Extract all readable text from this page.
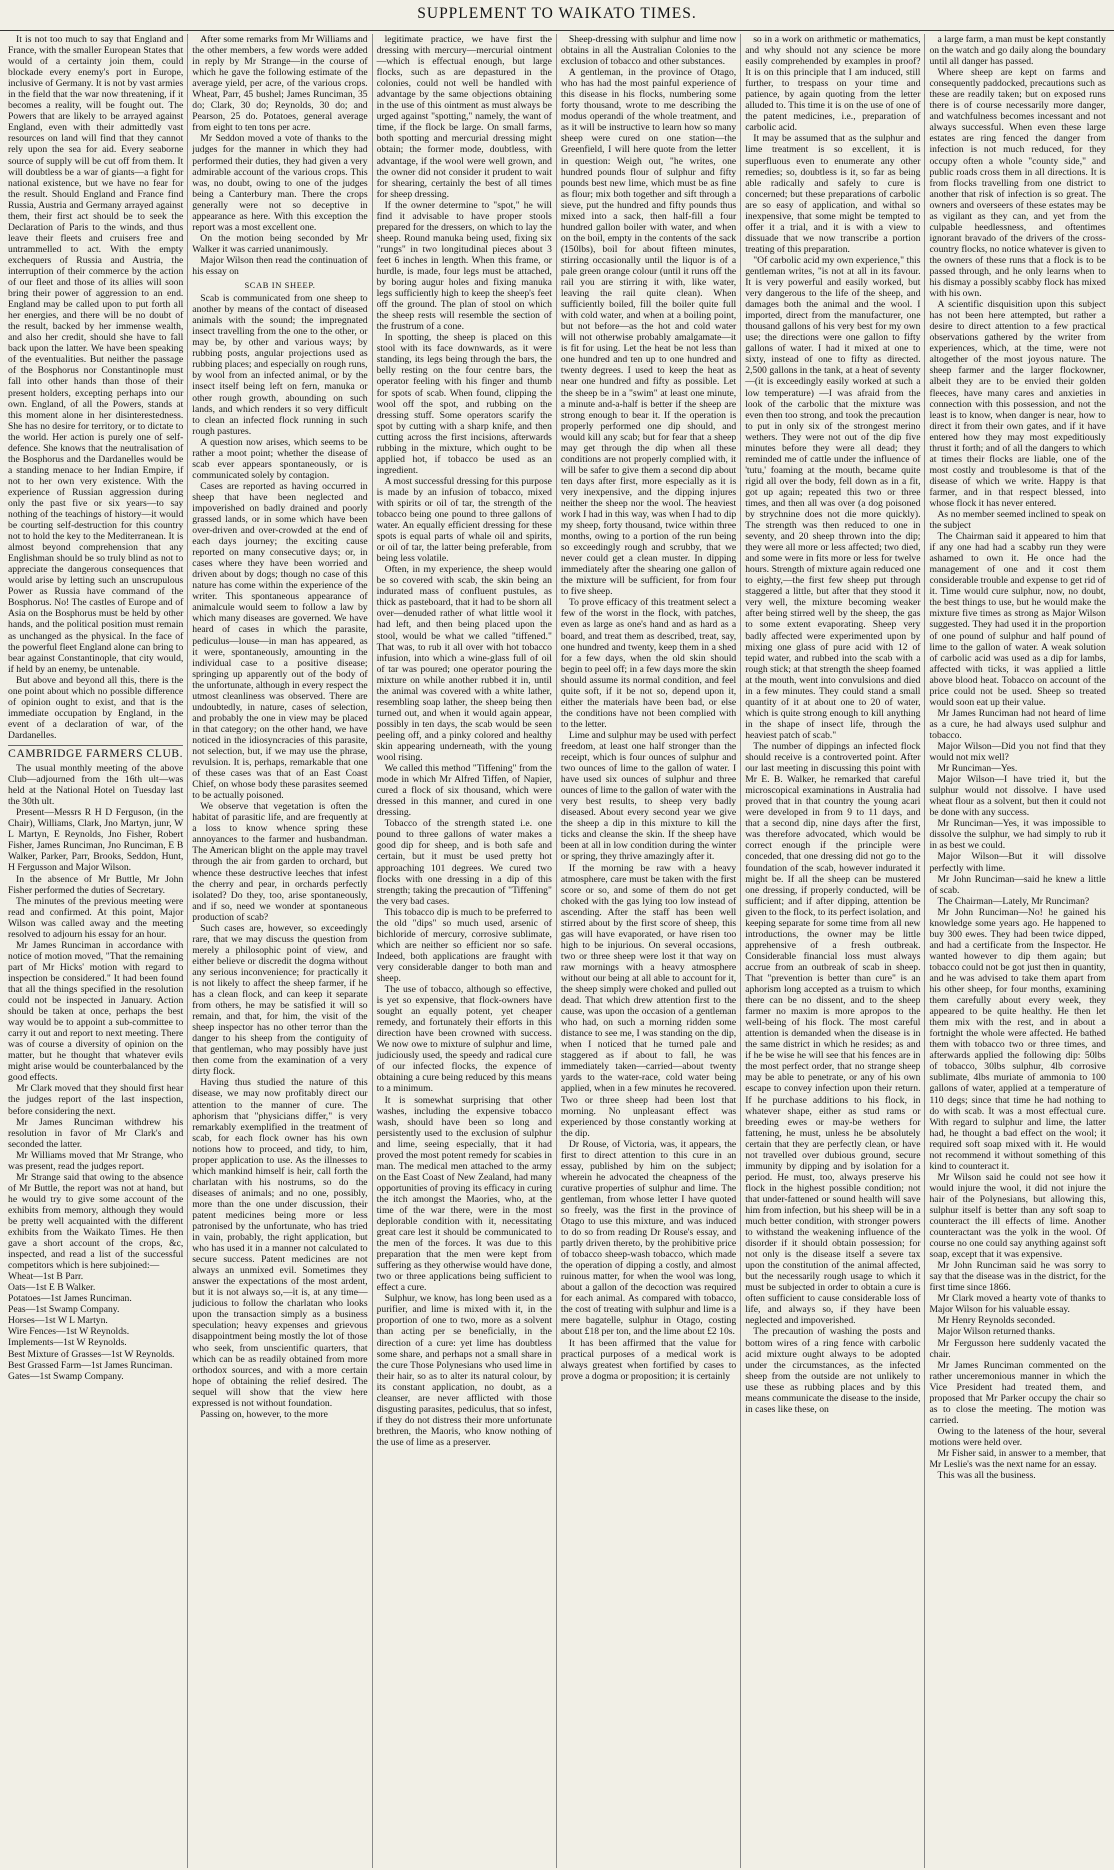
SUPPLEMENT TO WAIKATO TIMES.

It is not too much to say that England and France, with the smaller European States that would of a certainty join them, could blockade every enemy's port in Europe, inclusive of Germany. It is not by vast armies in the field that the war now threatening, if it becomes a reality, will be fought out. The Powers that are likely to be arrayed against England, even with their admittedly vast resources on land will find that they cannot rely upon the sea for aid. Every seaborne source of supply will be cut off from them. It will doubtless be a war of giants—a fight for national existence, but we have no fear for the result. Should England and France find Russia, Austria and Germany arrayed against them, their first act should be to seek the Declaration of Paris to the winds, and thus leave their fleets and cruisers free and untrammelled to act. With the empty exchequers of Russia and Austria, the interruption of their commerce by the action of our fleet and those of its allies will soon bring their power of aggression to an end. England may be called upon to put forth all her energies, and there will be no doubt of the result, backed by her immense wealth, and also her credit, should she have to fall back upon the latter. We have been speaking of the eventualities. But neither the passage of the Bosphorus nor Constantinople must fall into other hands than those of their present holders, excepting perhaps into our own. England, of all the Powers, stands at this moment alone in her disinterestedness. She has no desire for territory, or to dictate to the world. Her action is purely one of self-defence. She knows that the neutralisation of the Bosphorus and the Dardanelles would be a standing menace to her Indian Empire, if not to her own very existence. With the experience of Russian aggression during only the past five or six years—to say nothing of the teachings of history—it would be courting self-destruction for this country not to hold the key to the Mediterranean. It is almost beyond comprehension that any Englishman should be so truly blind as not to appreciate the dangerous consequences that would arise by letting such an unscrupulous Power as Russia have command of the Bosphorus. No! The castles of Europe and of Asia on the Bosphorus must be held by other hands, and the political position must remain as unchanged as the physical. In the face of the powerful fleet England alone can bring to bear against Constantinople, that city would, if held by an enemy, be untenable.

But above and beyond all this, there is the one point about which no possible difference of opinion ought to exist, and that is the immediate occupation by England, in the event of a declaration of war, of the Dardanelles.

CAMBRIDGE FARMERS CLUB.

The usual monthly meeting of the above Club—adjourned from the 16th ult—was held at the National Hotel on Tuesday last the 30th ult.

Present—Messrs R H D Ferguson, (in the Chair), Williams, Clark, Jno Martyn, junr, W L Martyn, E Reynolds, Jno Fisher, Robert Fisher, James Runciman, Jno Runciman, E B Walker, Parker, Parr, Brooks, Seddon, Hunt, H Fergusson and Major Wilson.

In the absence of Mr Buttle, Mr John Fisher performed the duties of Secretary.

The minutes of the previous meeting were read and confirmed. At this point, Major Wilson was called away and the meeting resolved to adjourn his essay for an hour.

Mr James Runciman in accordance with notice of motion moved, "That the remaining part of Mr Hicks' motion with regard to inspection be considered." It had been found that all the things specified in the resolution could not be inspected in January. Action should be taken at once, perhaps the best way would be to appoint a sub-committee to carry it out and report to next meeting. There was of course a diversity of opinion on the matter, but he thought that whatever evils might arise would be counterbalanced by the good effects.

Mr Clark moved that they should first hear the judges report of the last inspection, before considering the next.

Mr James Runciman withdrew his resolution in favor of Mr Clark's and seconded the latter.

Mr Williams moved that Mr Strange, who was present, read the judges report.

Mr Strange said that owing to the absence of Mr Buttle, the report was not at hand, but he would try to give some account of the exhibits from memory, although they would be pretty well acquainted with the different exhibits from the Waikato Times. He then gave a short account of the crops, &c, inspected, and read a list of the successful competitors which is here subjoined:—

Wheat—1st B Parr.

Oats—1st E B Walker.

Potatoes—1st James Runciman.

Peas—1st Swamp Company.

Horses—1st W L Martyn.

Wire Fences—1st W Reynolds.

Implements—1st W Reynolds.

Best Mixture of Grasses—1st W Reynolds.

Best Grassed Farm—1st James Runciman.

Gates—1st Swamp Company.

After some remarks from Mr Williams and the other members, a few words were added in reply by Mr Strange—in the course of which he gave the following estimate of the average yield, per acre, of the various crops. Wheat, Parr, 45 bushel; James Runciman, 35 do; Clark, 30 do; Reynolds, 30 do; and Pearson, 25 do. Potatoes, general average from eight to ten tons per acre.

Mr Seddon moved a vote of thanks to the judges for the manner in which they had performed their duties, they had given a very admirable account of the various crops. This was, no doubt, owing to one of the judges being a Canterbury man. There the crops generally were not so deceptive in appearance as here. With this exception the report was a most excellent one.

On the motion being seconded by Mr Walker it was carried unanimously.

Major Wilson then read the continuation of his essay on

SCAB IN SHEEP.

Scab is communicated from one sheep to another by means of the contact of diseased animals with the sound; the impregnated insect travelling from the one to the other, or may be, by other and various ways; by rubbing posts, angular projections used as rubbing places; and especially on rough runs, by wool from an infected animal, or by the insect itself being left on fern, manuka or other rough growth, abounding on such lands, and which renders it so very difficult to clean an infected flock running in such rough pastures.

A question now arises, which seems to be rather a moot point; whether the disease of scab ever appears spontaneously, or is communicated solely by contagion.

Cases are reported as having occurred in sheep that have been neglected and impoverished on badly drained and poorly grassed lands, or in some which have been over-driven and over-crowded at the end of each days journey; the exciting cause reported on many consecutive days; or, in cases where they have been worried and driven about by dogs; though no case of this nature has come within the experience of the writer. This spontaneous appearance of animalcule would seem to follow a law by which many diseases are governed. We have heard of cases in which the parasite, pediculus—louse—in man has appeared, as it were, spontaneously, amounting in the individual case to a positive disease; springing up apparently out of the body of the unfortunate, although in every respect the utmost cleanliness was observed. There are undoubtedly, in nature, cases of selection, and probably the one in view may be placed in that category; on the other hand, we have noticed in the idiosyncracies of this parasite, not selection, but, if we may use the phrase, revulsion. It is, perhaps, remarkable that one of these cases was that of an East Coast Chief, on whose body these parasites seemed to be actually poisoned.

We observe that vegetation is often the habitat of parasitic life, and are frequently at a loss to know whence spring these annoyances to the farmer and husbandman. The American blight on the apple may travel through the air from garden to orchard, but whence these destructive leeches that infest the cherry and pear, in orchards perfectly isolated? Do they, too, arise spontaneously, and if so, need we wonder at spontaneous production of scab?

Such cases are, however, so exceedingly rare, that we may discuss the question from merely a philosophic point of view, and either believe or discredit the dogma without any serious inconvenience; for practically it is not likely to affect the sheep farmer, if he has a clean flock, and can keep it separate from others, he may be satisfied it will so remain, and that, for him, the visit of the sheep inspector has no other terror than the danger to his sheep from the contiguity of that gentleman, who may possibly have just then come from the examination of a very dirty flock.

Having thus studied the nature of this disease, we may now profitably direct our attention to the manner of cure. The aphorism that "physicians differ," is very remarkably exemplified in the treatment of scab, for each flock owner has his own notions how to proceed, and tidy, to him, proper application to use. As the illnesses to which mankind himself is heir, call forth the charlatan with his nostrums, so do the diseases of animals; and no one, possibly, more than the one under discussion, their patent medicines being more or less patronised by the unfortunate, who has tried in vain, probably, the right application, but who has used it in a manner not calculated to secure success. Patent medicines are not always an unmixed evil. Sometimes they answer the expectations of the most ardent, but it is not always so,—it is, at any time—judicious to follow the charlatan who looks upon the transaction simply as a business speculation; heavy expenses and grievous disappointment being mostly the lot of those who seek, from unscientific quarters, that which can be as readily obtained from more orthodox sources, and with a more certain hope of obtaining the relief desired. The sequel will show that the view here expressed is not without foundation.

Passing on, however, to the more

legitimate practice, we have first the dressing with mercury—mercurial ointment—which is effectual enough, but large flocks, such as are depastured in the colonies, could not well be handled with advantage by the same objections obtaining in the use of this ointment as must always be urged against "spotting," namely, the want of time, if the flock be large. On small farms, both spotting and mercurial dressing might obtain; the former mode, doubtless, with advantage, if the wool were well grown, and the owner did not consider it prudent to wait for shearing, certainly the best of all times for sheep dressing.

If the owner determine to "spot," he will find it advisable to have proper stools prepared for the dressers, on which to lay the sheep. Round manuka being used, fixing six "rungs" in two longitudinal pieces about 3 feet 6 inches in length. When this frame, or hurdle, is made, four legs must be attached, by boring augur holes and fixing manuka legs sufficiently high to keep the sheep's feet off the ground. The plan of stool on which the sheep rests will resemble the section of the frustrum of a cone.

In spotting, the sheep is placed on this stool with its face downwards, as it were standing, its legs being through the bars, the belly resting on the four centre bars, the operator feeling with his finger and thumb for spots of scab. When found, clipping the wool off the spot, and rubbing on the dressing stuff. Some operators scarify the spot by cutting with a sharp knife, and then cutting across the first incisions, afterwards rubbing in the mixture, which ought to be applied hot, if tobacco be used as an ingredient.

A most successful dressing for this purpose is made by an infusion of tobacco, mixed with spirits or oil of tar, the strength of the tobacco being one pound to three gallons of water. An equally efficient dressing for these spots is equal parts of whale oil and spirits, or oil of tar, the latter being preferable, from being less volatile.

Often, in my experience, the sheep would be so covered with scab, the skin being an indurated mass of confluent pustules, as thick as pasteboard, that it had to be shorn all over—denuded rather of what little wool it had left, and then being placed upon the stool, would be what we called "tiffened." That was, to rub it all over with hot tobacco infusion, into which a wine-glass full of oil of tar was poured; one operator pouring the mixture on while another rubbed it in, until the animal was covered with a white lather, resembling soap lather, the sheep being then turned out, and when it would again appear, possibly in ten days, the scab would be seen peeling off, and a pinky colored and healthy skin appearing underneath, with the young wool rising.

We called this method "Tiffening" from the mode in which Mr Alfred Tiffen, of Napier, cured a flock of six thousand, which were dressed in this manner, and cured in one dressing.

Tobacco of the strength stated i.e. one pound to three gallons of water makes a good dip for sheep, and is both safe and certain, but it must be used pretty hot approaching 101 degrees. We cured two flocks with one dressing in a dip of this strength; taking the precaution of "Tiffening" the very bad cases.

This tobacco dip is much to be preferred to the old "dips" so much used, arsenic of bichloride of mercury, corrosive sublimate, which are neither so efficient nor so safe. Indeed, both applications are fraught with very considerable danger to both man and sheep.

The use of tobacco, although so effective, is yet so expensive, that flock-owners have sought an equally potent, yet cheaper remedy, and fortunately their efforts in this direction have been crowned with success. We now owe to mixture of sulphur and lime, judiciously used, the speedy and radical cure of our infected flocks, the expence of obtaining a cure being reduced by this means to a minimum.

It is somewhat surprising that other washes, including the expensive tobacco wash, should have been so long and persistently used to the exclusion of sulphur and lime, seeing especially, that it had proved the most potent remedy for scabies in man. The medical men attached to the army on the East Coast of New Zealand, had many opportunities of proving its efficacy in curing the itch amongst the Maories, who, at the time of the war there, were in the most deplorable condition with it, necessitating great care lest it should be communicated to the men of the forces. It was due to this preparation that the men were kept from suffering as they otherwise would have done, two or three applications being sufficient to effect a cure.

Sulphur, we know, has long been used as a purifier, and lime is mixed with it, in the proportion of one to two, more as a solvent than acting per se beneficially, in the direction of a cure: yet lime has doubtless some share, and perhaps not a small share in the cure Those Polynesians who used lime in their hair, so as to alter its natural colour, by its constant application, no doubt, as a cleanser, are never afflicted with those disgusting parasites, pediculus, that so infest, if they do not distress their more unfortunate brethren, the Maoris, who know nothing of the use of lime as a preserver.

Sheep-dressing with sulphur and lime now obtains in all the Australian Colonies to the exclusion of tobacco and other substances.

A gentleman, in the province of Otago, who has had the most painful experience of this disease in his flocks, numbering some forty thousand, wrote to me describing the modus operandi of the whole treatment, and as it will be instructive to learn how so many sheep were cured on one station—the Greenfield, I will here quote from the letter in question: Weigh out, "he writes, one hundred pounds flour of sulphur and fifty pounds best new lime, which must be as fine as flour; mix both together and sift through a sieve, put the hundred and fifty pounds thus mixed into a sack, then half-fill a four hundred gallon boiler with water, and when on the boil, empty in the contents of the sack (150lbs), boil for about fifteen minutes, stirring occasionally until the liquor is of a pale green orange colour (until it runs off the rail you are stirring it with, like water, leaving the rail quite clean). When sufficiently boiled, fill the boiler quite full with cold water, and when at a boiling point, but not before—as the hot and cold water will not otherwise probably amalgamate—it is fit for using. Let the heat be not less than one hundred and ten up to one hundred and twenty degrees. I used to keep the heat as near one hundred and fifty as possible. Let the sheep be in a "swim" at least one minute, a minute and-a-half is better if the sheep are strong enough to bear it. If the operation is properly performed one dip should, and would kill any scab; but for fear that a sheep may get through the dip when all these conditions are not properly complied with, it will be safer to give them a second dip about ten days after first, more especially as it is very inexpensive, and the dipping injures neither the sheep nor the wool. The heaviest work I had in this way, was when I had to dip my sheep, forty thousand, twice within three months, owing to a portion of the run being so exceedingly rough and scrubby, that we never could get a clean muster. In dipping immediately after the shearing one gallon of the mixture will be sufficient, for from four to five sheep.

To prove efficacy of this treatment select a few of the worst in the flock, with patches, even as large as one's hand and as hard as a board, and treat them as described, treat, say, one hundred and twenty, keep them in a shed for a few days, when the old skin should begin to peel off; in a few days more the skin should assume its normal condition, and feel quite soft, if it be not so, depend upon it, either the materials have been bad, or else the conditions have not been complied with to the letter.

Lime and sulphur may be used with perfect freedom, at least one half stronger than the receipt, which is four ounces of sulphur and two ounces of lime to the gallon of water. I have used six ounces of sulphur and three ounces of lime to the gallon of water with the very best results, to sheep very badly diseased. About every second year we give the sheep a dip in this mixture to kill the ticks and cleanse the skin. If the sheep have been at all in low condition during the winter or spring, they thrive amazingly after it.

If the morning be raw with a heavy atmosphere, care must be taken with the first score or so, and some of them do not get choked with the gas lying too low instead of ascending. After the staff has been well stirred about by the first score of sheep, this gas will have evaporated, or have risen too high to be injurious. On several occasions, two or three sheep were lost it that way on raw mornings with a heavy atmosphere without our being at all able to account for it, the sheep simply were choked and pulled out dead. That which drew attention first to the cause, was upon the occasion of a gentleman who had, on such a morning ridden some distance to see me, I was standing on the dip, when I noticed that he turned pale and staggered as if about to fall, he was immediately taken—carried—about twenty yards to the water-race, cold water being applied, when in a few minutes he recovered. Two or three sheep had been lost that morning. No unpleasant effect was experienced by those constantly working at the dip.

Dr Rouse, of Victoria, was, it appears, the first to direct attention to this cure in an essay, published by him on the subject; wherein he advocated the cheapness of the curative properties of sulphur and lime. The gentleman, from whose letter I have quoted so freely, was the first in the province of Otago to use this mixture, and was induced to do so from reading Dr Rouse's essay, and partly driven thereto, by the prohibitive price of tobacco sheep-wash tobacco, which made the operation of dipping a costly, and almost ruinous matter, for when the wool was long, about a gallon of the decoction was required for each animal. As compared with tobacco, the cost of treating with sulphur and lime is a mere bagatelle, sulphur in Otago, costing about £18 per ton, and the lime about £2 10s.

It has been affirmed that the value for practical purposes of a medical work is always greatest when fortified by cases to prove a dogma or proposition; it is certainly

so in a work on arithmetic or mathematics, and why should not any science be more easily comprehended by examples in proof? It is on this principle that I am induced, still further, to trespass on your time and patience, by again quoting from the letter alluded to. This time it is on the use of one of the patent medicines, i.e., preparation of carbolic acid.

It may be assumed that as the sulphur and lime treatment is so excellent, it is superfluous even to enumerate any other remedies; so, doubtless is it, so far as being able radically and safely to cure is concerned; but these preparations of carbolic are so easy of application, and withal so inexpensive, that some might be tempted to offer it a trial, and it is with a view to dissuade that we now transcribe a portion treating of this preparation.

"Of carbolic acid my own experience," this gentleman writes, "is not at all in its favour. It is very powerful and easily worked, but very dangerous to the life of the sheep, and damages both the animal and the wool. I imported, direct from the manufacturer, one thousand gallons of his very best for my own use; the directions were one gallon to fifty gallons of water. I had it mixed at one to sixty, instead of one to fifty as directed. 2,500 gallons in the tank, at a heat of seventy—(it is exceedingly easily worked at such a low temperature) —I was afraid from the look of the carbolic that the mixture was even then too strong, and took the precaution to put in only six of the strongest merino wethers. They were not out of the dip five minutes before they were all dead; they reminded me of cattle under the influence of 'tutu,' foaming at the mouth, became quite rigid all over the body, fell down as in a fit, got up again; repeated this two or three times, and then all was over (a dog poisoned by strychnine does not die more quickly). The strength was then reduced to one in seventy, and 20 sheep thrown into the dip; they were all more or less affected; two died, and some were in fits more or less for twelve hours. Strength of mixture again reduced one to eighty,—the first few sheep put through staggered a little, but after that they stood it very well, the mixture becoming weaker after being stirred well by the sheep, the gas to some extent evaporating. Sheep very badly affected were experimented upon by mixing one glass of pure acid with 12 of tepid water, and rubbed into the scab with a rough stick; at that strength the sheep foamed at the mouth, went into convulsions and died in a few minutes. They could stand a small quantity of it at about one to 20 of water, which is quite strong enough to kill anything in the shape of insect life, through the heaviest patch of scab."

The number of dippings an infected flock should receive is a controverted point. After our last meeting in discussing this point with Mr E. B. Walker, he remarked that careful microscopical examinations in Australia had proved that in that country the young acari were developed in from 9 to 11 days, and that a second dip, nine days after the first, was therefore advocated, which would be correct enough if the principle were conceded, that one dressing did not go to the foundation of the scab, however indurated it might be. If all the sheep can be mustered one dressing, if properly conducted, will be sufficient; and if after dipping, attention be given to the flock, to its perfect isolation, and keeping separate for some time from all new introductions, the owner may be little apprehensive of a fresh outbreak. Considerable financial loss must always accrue from an outbreak of scab in sheep. That "prevention is better than cure" is an aphorism long accepted as a truism to which there can be no dissent, and to the sheep farmer no maxim is more apropos to the well-being of his flock. The most careful attention is demanded when the disease is in the same district in which he resides; as and if he be wise he will see that his fences are in the most perfect order, that no strange sheep may be able to penetrate, or any of his own escape to convey infection upon their return. If he purchase additions to his flock, in whatever shape, either as stud rams or breeding ewes or may-be wethers for fattening, he must, unless he be absolutely certain that they are perfectly clean, or have not travelled over dubious ground, secure immunity by dipping and by isolation for a period. He must, too, always preserve his flock in the highest possible condition; not that under-fattened or sound health will save him from infection, but his sheep will be in a much better condition, with stronger powers to withstand the weakening influence of the disorder if it should obtain possession; for not only is the disease itself a severe tax upon the constitution of the animal affected, but the necessarily rough usage to which it must be subjected in order to obtain a cure is often sufficient to cause considerable loss of life, and always so, if they have been neglected and impoverished.

The precaution of washing the posts and bottom wires of a ring fence with carbolic acid mixture ought always to be adopted under the circumstances, as the infected sheep from the outside are not unlikely to use these as rubbing places and by this means communicate the disease to the inside, in cases like these, on

a large farm, a man must be kept constantly on the watch and go daily along the boundary until all danger has passed.

Where sheep are kept on farms and consequently paddocked, precautions such as these are readily taken; but on exposed runs there is of course necessarily more danger, and watchfulness becomes incessant and not always successful. When even these large estates are ring fenced the danger from infection is not much reduced, for they occupy often a whole "county side," and public roads cross them in all directions. It is from flocks travelling from one district to another that risk of infection is so great. The owners and overseers of these estates may be as vigilant as they can, and yet from the culpable heedlessness, and oftentimes ignorant bravado of the drivers of the cross-country flocks, no notice whatever is given to the owners of these runs that a flock is to be passed through, and he only learns when to his dismay a possibly scabby flock has mixed with his own.

A scientific disquisition upon this subject has not been here attempted, but rather a desire to direct attention to a few practical observations gathered by the writer from experiences, which, at the time, were not altogether of the most joyous nature. The sheep farmer and the larger flockowner, albeit they are to be envied their golden fleeces, have many cares and anxieties in connection with this possession, and not the least is to know, when danger is near, how to direct it from their own gates, and if it have entered how they may most expeditiously thrust it forth; and of all the dangers to which at times their flocks are liable, one of the most costly and troublesome is that of the disease of which we write. Happy is that farmer, and in that respect blessed, into whose flock it has never entered.

As no member seemed inclined to speak on the subject

The Chairman said it appeared to him that if any one had had a scabby run they were ashamed to own it. He once had the management of one and it cost them considerable trouble and expense to get rid of it. Time would cure sulphur, now, no doubt, the best things to use, but he would make the mixture five times as strong as Major Wilson suggested. They had used it in the proportion of one pound of sulphur and half pound of lime to the gallon of water. A weak solution of carbolic acid was used as a dip for lambs, affected with ticks, it was applied a little above blood heat. Tobacco on account of the price could not be used. Sheep so treated would soon eat up their value.

Mr James Runciman had not heard of lime as a cure, he had always used sulphur and tobacco.

Major Wilson—Did you not find that they would not mix well?

Mr Runciman—Yes.

Major Wilson—I have tried it, but the sulphur would not dissolve. I have used wheat flour as a solvent, but then it could not be done with any success.

Mr Runciman—Yes, it was impossible to dissolve the sulphur, we had simply to rub it in as best we could.

Major Wilson—But it will dissolve perfectly with lime.

Mr John Runciman—said he knew a little of scab.

The Chairman—Lately, Mr Runciman?

Mr John Runciman—No! he gained his knowledge some years ago. He happened to buy 300 ewes. They had been twice dipped, and had a certificate from the Inspector. He wanted however to dip them again; but tobacco could not be got just then in quantity, and he was advised to take them apart from his other sheep, for four months, examining them carefully about every week, they appeared to be quite healthy. He then let them mix with the rest, and in about a fortnight the whole were affected. He bathed them with tobacco two or three times, and afterwards applied the following dip: 50lbs of tobacco, 30lbs sulphur, 4lb corrosive sublimate, 4lbs muriate of ammonia to 100 gallons of water, applied at a temperature of 110 degs; since that time he had nothing to do with scab. It was a most effectual cure. With regard to sulphur and lime, the latter had, he thought a bad effect on the wool; it required soft soap mixed with it. He would not recommend it without something of this kind to counteract it.

Mr Wilson said he could not see how it would injure the wool, it did not injure the hair of the Polynesians, but allowing this, sulphur itself is better than any soft soap to counteract the ill effects of lime. Another counteractant was the yolk in the wool. Of course no one could say anything against soft soap, except that it was expensive.

Mr John Runciman said he was sorry to say that the disease was in the district, for the first time since 1866.

Mr Clark moved a hearty vote of thanks to Major Wilson for his valuable essay.

Mr Henry Reynolds seconded.

Major Wilson returned thanks.

Mr Fergusson here suddenly vacated the chair.

Mr James Runciman commented on the rather unceremonious manner in which the Vice President had treated them, and proposed that Mr Parker occupy the chair so as to close the meeting. The motion was carried.

Owing to the lateness of the hour, several motions were held over.

Mr Fisher said, in answer to a member, that Mr Leslie's was the next name for an essay.

This was all the business.
